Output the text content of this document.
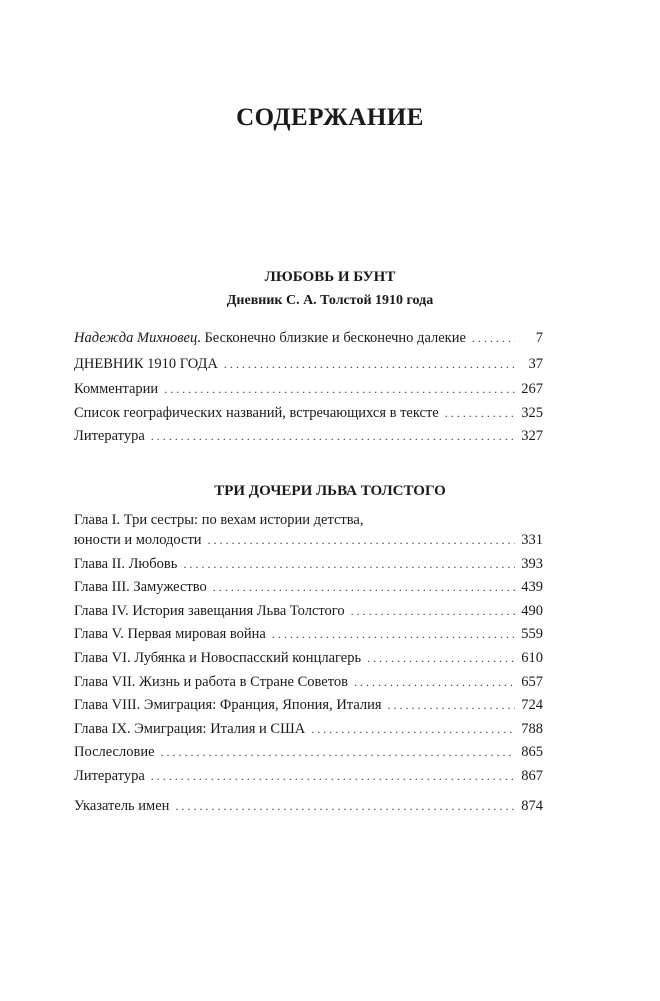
СОДЕРЖАНИЕ
ЛЮБОВЬ И БУНТ
Дневник С. А. Толстой 1910 года
Надежда Михновец. Бесконечно близкие и бесконечно далекие . . .	7
ДНЕВНИК 1910 ГОДА . . .	37
Комментарии . . .	267
Список географических названий, встречающихся в тексте . . .	325
Литература . . .	327
ТРИ ДОЧЕРИ ЛЬВА ТОЛСТОГО
Глава I. Три сестры: по вехам истории детства,
юности и молодости . . .	331
Глава II. Любовь . . .	393
Глава III. Замужество . . .	439
Глава IV. История завещания Льва Толстого . . .	490
Глава V. Первая мировая война . . .	559
Глава VI. Лубянка и Новоспасский концлагерь . . .	610
Глава VII. Жизнь и работа в Стране Советов . . .	657
Глава VIII. Эмиграция: Франция, Япония, Италия . . .	724
Глава IX. Эмиграция: Италия и США . . .	788
Послесловие . . .	865
Литература . . .	867
Указатель имен . . .	874
